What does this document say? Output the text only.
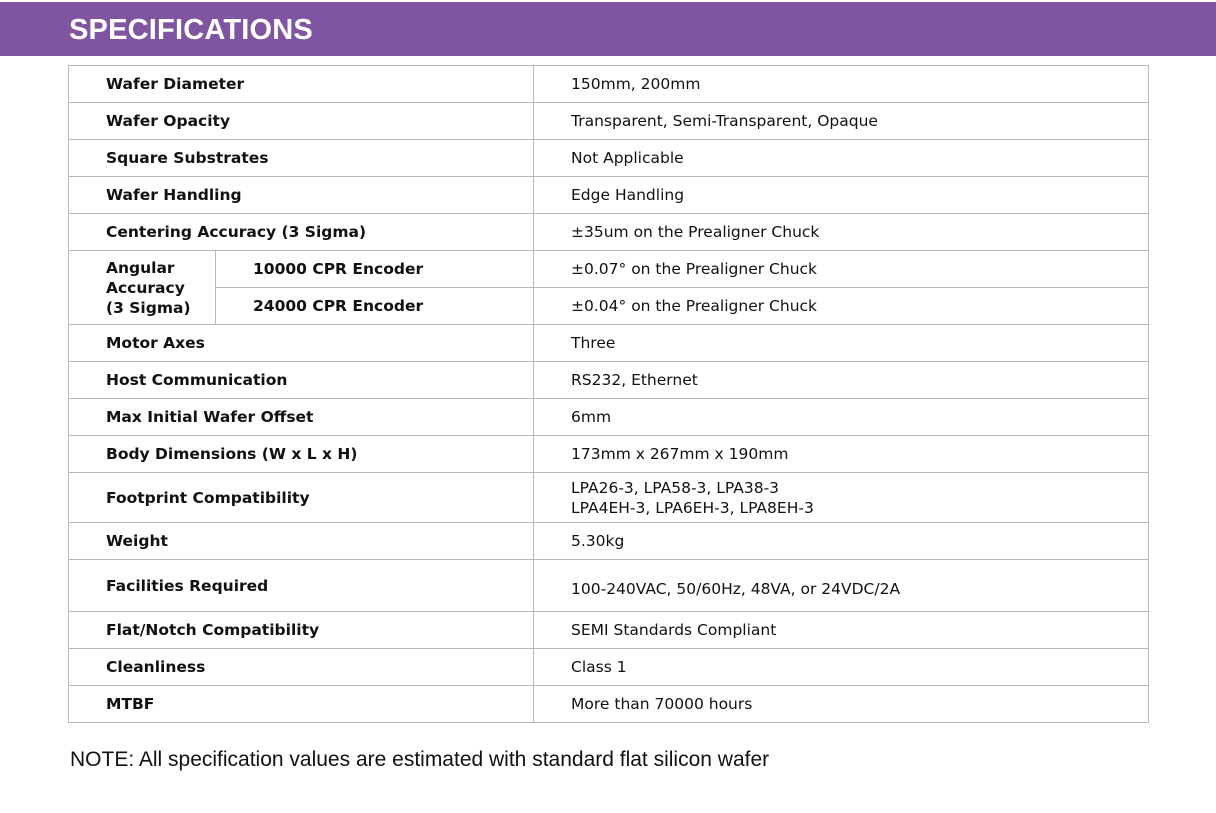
SPECIFICATIONS
Wafer Diameter		150mm, 200mm
Wafer Opacity		Transparent, Semi-Transparent, Opaque
Square Substrates		Not Applicable
Wafer Handling		Edge Handling
Centering Accuracy (3 Sigma)		±35um on the Prealigner Chuck

Angular
Accuracy
(3 Sigma)	10000 CPR Encoder	±0.07° on the Prealigner Chuck
	24000 CPR Encoder	±0.04° on the Prealigner Chuck
Motor Axes		Three
Host Communication		RS232, Ethernet
Max Initial Wafer Offset		6mm
Body Dimensions (W x L x H)		173mm x 267mm x 190mm
Footprint Compatibility		LPA26-3, LPA58-3, LPA38-3
LPA4EH-3, LPA6EH-3, LPA8EH-3

Weight		5.30kg
Facilities Required		100-240VAC, 50/60Hz, 48VA, or 24VDC/2A
Flat/Notch Compatibility		SEMI Standards Compliant
Cleanliness		Class 1
MTBF		More than 70000 hours
NOTE: All specification values are estimated with standard flat silicon wafer
